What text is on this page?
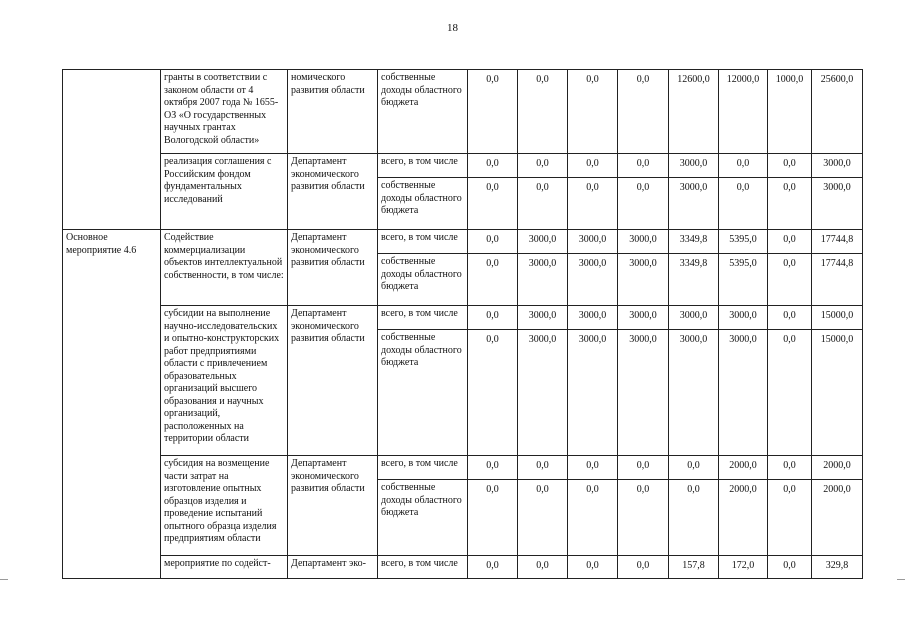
18
	гранты в соответствии с законом области от 4 октября 2007 года № 1655-ОЗ «О государственных научных грантах Вологодской области»	номического развития области	собственные доходы областного бюджета	0,0	0,0	0,0	0,0	12600,0	12000,0	1000,0	25600,0
	реализация соглашения с Российским фондом фундаментальных исследований	Департамент экономического развития области	всего, в том числе	0,0	0,0	0,0	0,0	3000,0	0,0	0,0	3000,0
			собственные доходы областного бюджета	0,0	0,0	0,0	0,0	3000,0	0,0	0,0	3000,0
Основное мероприятие 4.6	Содействие коммерциализации объектов интеллектуальной собственности, в том числе:	Департамент экономического развития области	всего, в том числе	0,0	3000,0	3000,0	3000,0	3349,8	5395,0	0,0	17744,8
			собственные доходы областного бюджета	0,0	3000,0	3000,0	3000,0	3349,8	5395,0	0,0	17744,8
	субсидии на выполнение научно-исследовательских и опытно-конструкторских работ предприятиями области с привлечением образовательных организаций высшего образования и научных организаций, расположенных на территории области	Департамент экономического развития области	всего, в том числе	0,0	3000,0	3000,0	3000,0	3000,0	3000,0	0,0	15000,0
			собственные доходы областного бюджета	0,0	3000,0	3000,0	3000,0	3000,0	3000,0	0,0	15000,0
	субсидия на возмещение части затрат на изготовление опытных образцов изделия и проведение испытаний опытного образца изделия предприятиям области	Департамент экономического развития области	всего, в том числе	0,0	0,0	0,0	0,0	0,0	2000,0	0,0	2000,0
			собственные доходы областного бюджета	0,0	0,0	0,0	0,0	0,0	2000,0	0,0	2000,0
	мероприятие по содейст-	Департамент эко-	всего, в том числе	0,0	0,0	0,0	0,0	157,8	172,0	0,0	329,8
